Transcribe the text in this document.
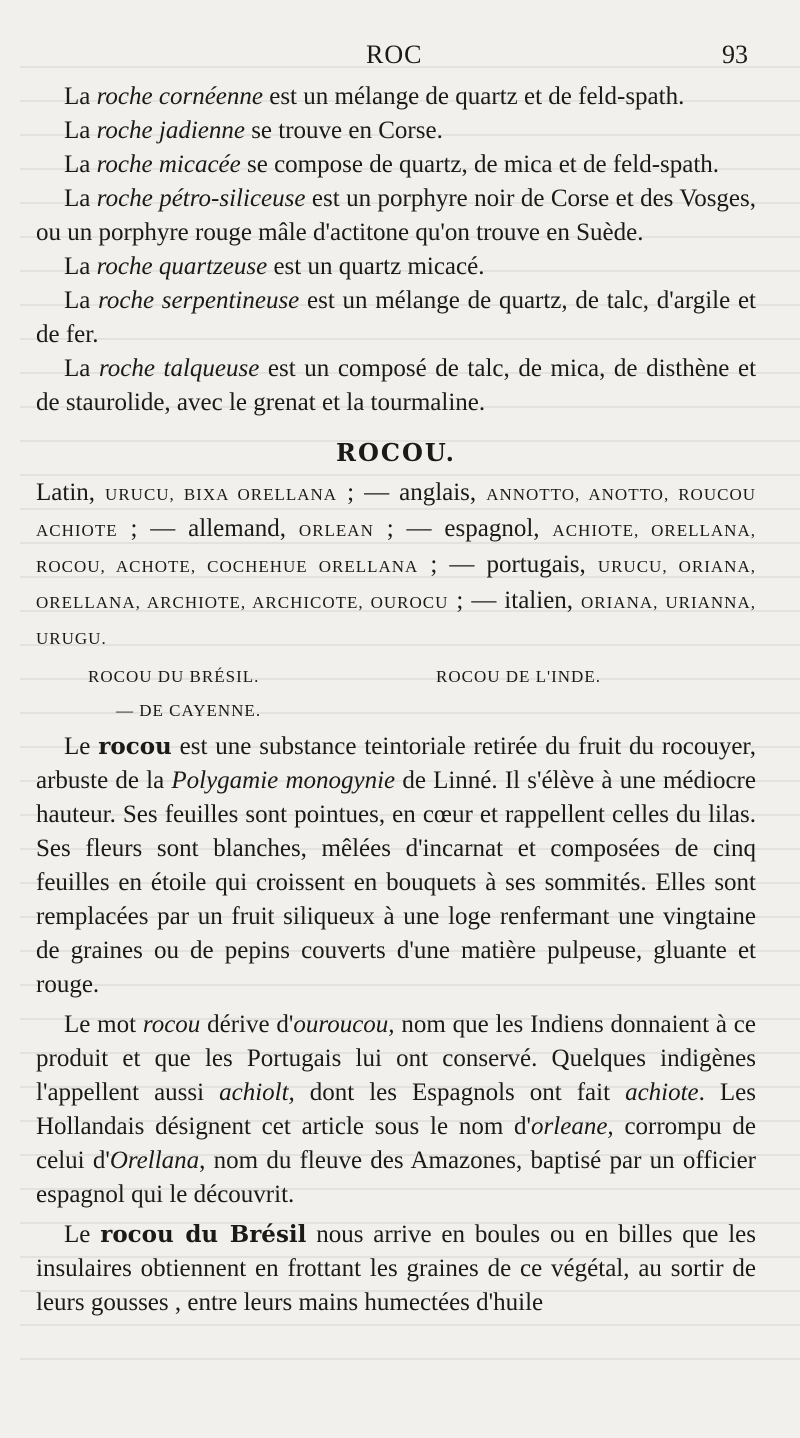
ROC	93

La roche cornéenne est un mélange de quartz et de feld-spath.

La roche jadienne se trouve en Corse.

La roche micacée se compose de quartz, de mica et de feld-spath.

La roche pétro-siliceuse est un porphyre noir de Corse et des Vosges, ou un porphyre rouge mâle d'actitone qu'on trouve en Suède.

La roche quartzeuse est un quartz micacé.

La roche serpentineuse est un mélange de quartz, de talc, d'argile et de fer.

La roche talqueuse est un composé de talc, de mica, de disthène et de staurolide, avec le grenat et la tourmaline.

ROCOU.

Latin, URUCU, BIXA ORELLANA ; — anglais, ANNOTTO, ANOTTO, ROUCOU ACHIOTE ; — allemand, ORLEAN ; — espagnol, ACHIOTE, ORELLANA, ROCOU, ACHOTE, COCHEHUE ORELLANA ; — portugais, URUCU, ORIANA, ORELLANA, ARCHIOTE, ARCHICOTE, OUROCU ; — italien, ORIANA, URIANNA, URUGU.

ROCOU DU BRÉSIL.	ROCOU DE L'INDE.
— DE CAYENNE.

Le rocou est une substance teintoriale retirée du fruit du rocouyer, arbuste de la Polygamie monogynie de Linné. Il s'élève à une médiocre hauteur. Ses feuilles sont pointues, en cœur et rappellent celles du lilas. Ses fleurs sont blanches, mêlées d'incarnat et composées de cinq feuilles en étoile qui croissent en bouquets à ses sommités. Elles sont remplacées par un fruit siliqueux à une loge renfermant une vingtaine de graines ou de pepins couverts d'une matière pulpeuse, gluante et rouge.

Le mot rocou dérive d'ouroucou, nom que les Indiens donnaient à ce produit et que les Portugais lui ont conservé. Quelques indigènes l'appellent aussi achiolt, dont les Espagnols ont fait achiote. Les Hollandais désignent cet article sous le nom d'orleane, corrompu de celui d'Orellana, nom du fleuve des Amazones, baptisé par un officier espagnol qui le découvrit.

Le rocou du Brésil nous arrive en boules ou en billes que les insulaires obtiennent en frottant les graines de ce végétal, au sortir de leurs gousses , entre leurs mains humectées d'huile
